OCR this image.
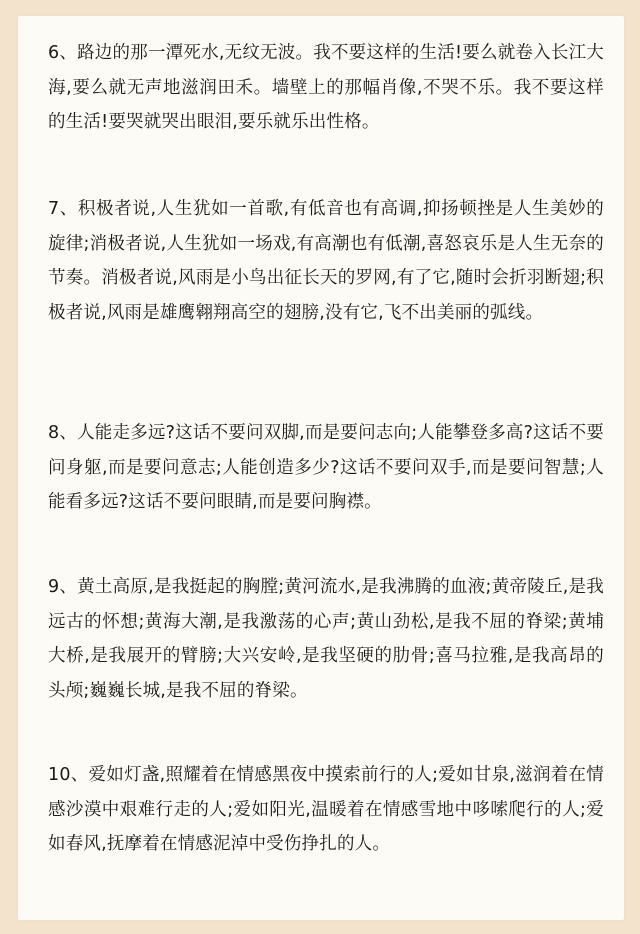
6、路边的那一潭死水,无纹无波。我不要这样的生活!要么就卷入长江大海,要么就无声地滋润田禾。墙壁上的那幅肖像,不哭不乐。我不要这样的生活!要哭就哭出眼泪,要乐就乐出性格。

7、积极者说,人生犹如一首歌,有低音也有高调,抑扬顿挫是人生美妙的旋律;消极者说,人生犹如一场戏,有高潮也有低潮,喜怒哀乐是人生无奈的节奏。消极者说,风雨是小鸟出征长天的罗网,有了它,随时会折羽断翅;积极者说,风雨是雄鹰翱翔高空的翅膀,没有它,飞不出美丽的弧线。

8、人能走多远?这话不要问双脚,而是要问志向;人能攀登多高?这话不要问身躯,而是要问意志;人能创造多少?这话不要问双手,而是要问智慧;人能看多远?这话不要问眼睛,而是要问胸襟。

9、黄土高原,是我挺起的胸膛;黄河流水,是我沸腾的血液;黄帝陵丘,是我远古的怀想;黄海大潮,是我激荡的心声;黄山劲松,是我不屈的脊梁;黄埔大桥,是我展开的臂膀;大兴安岭,是我坚硬的肋骨;喜马拉雅,是我高昂的头颅;巍巍长城,是我不屈的脊梁。

10、爱如灯盏,照耀着在情感黑夜中摸索前行的人;爱如甘泉,滋润着在情感沙漠中艰难行走的人;爱如阳光,温暖着在情感雪地中哆嗦爬行的人;爱如春风,抚摩着在情感泥淖中受伤挣扎的人。
